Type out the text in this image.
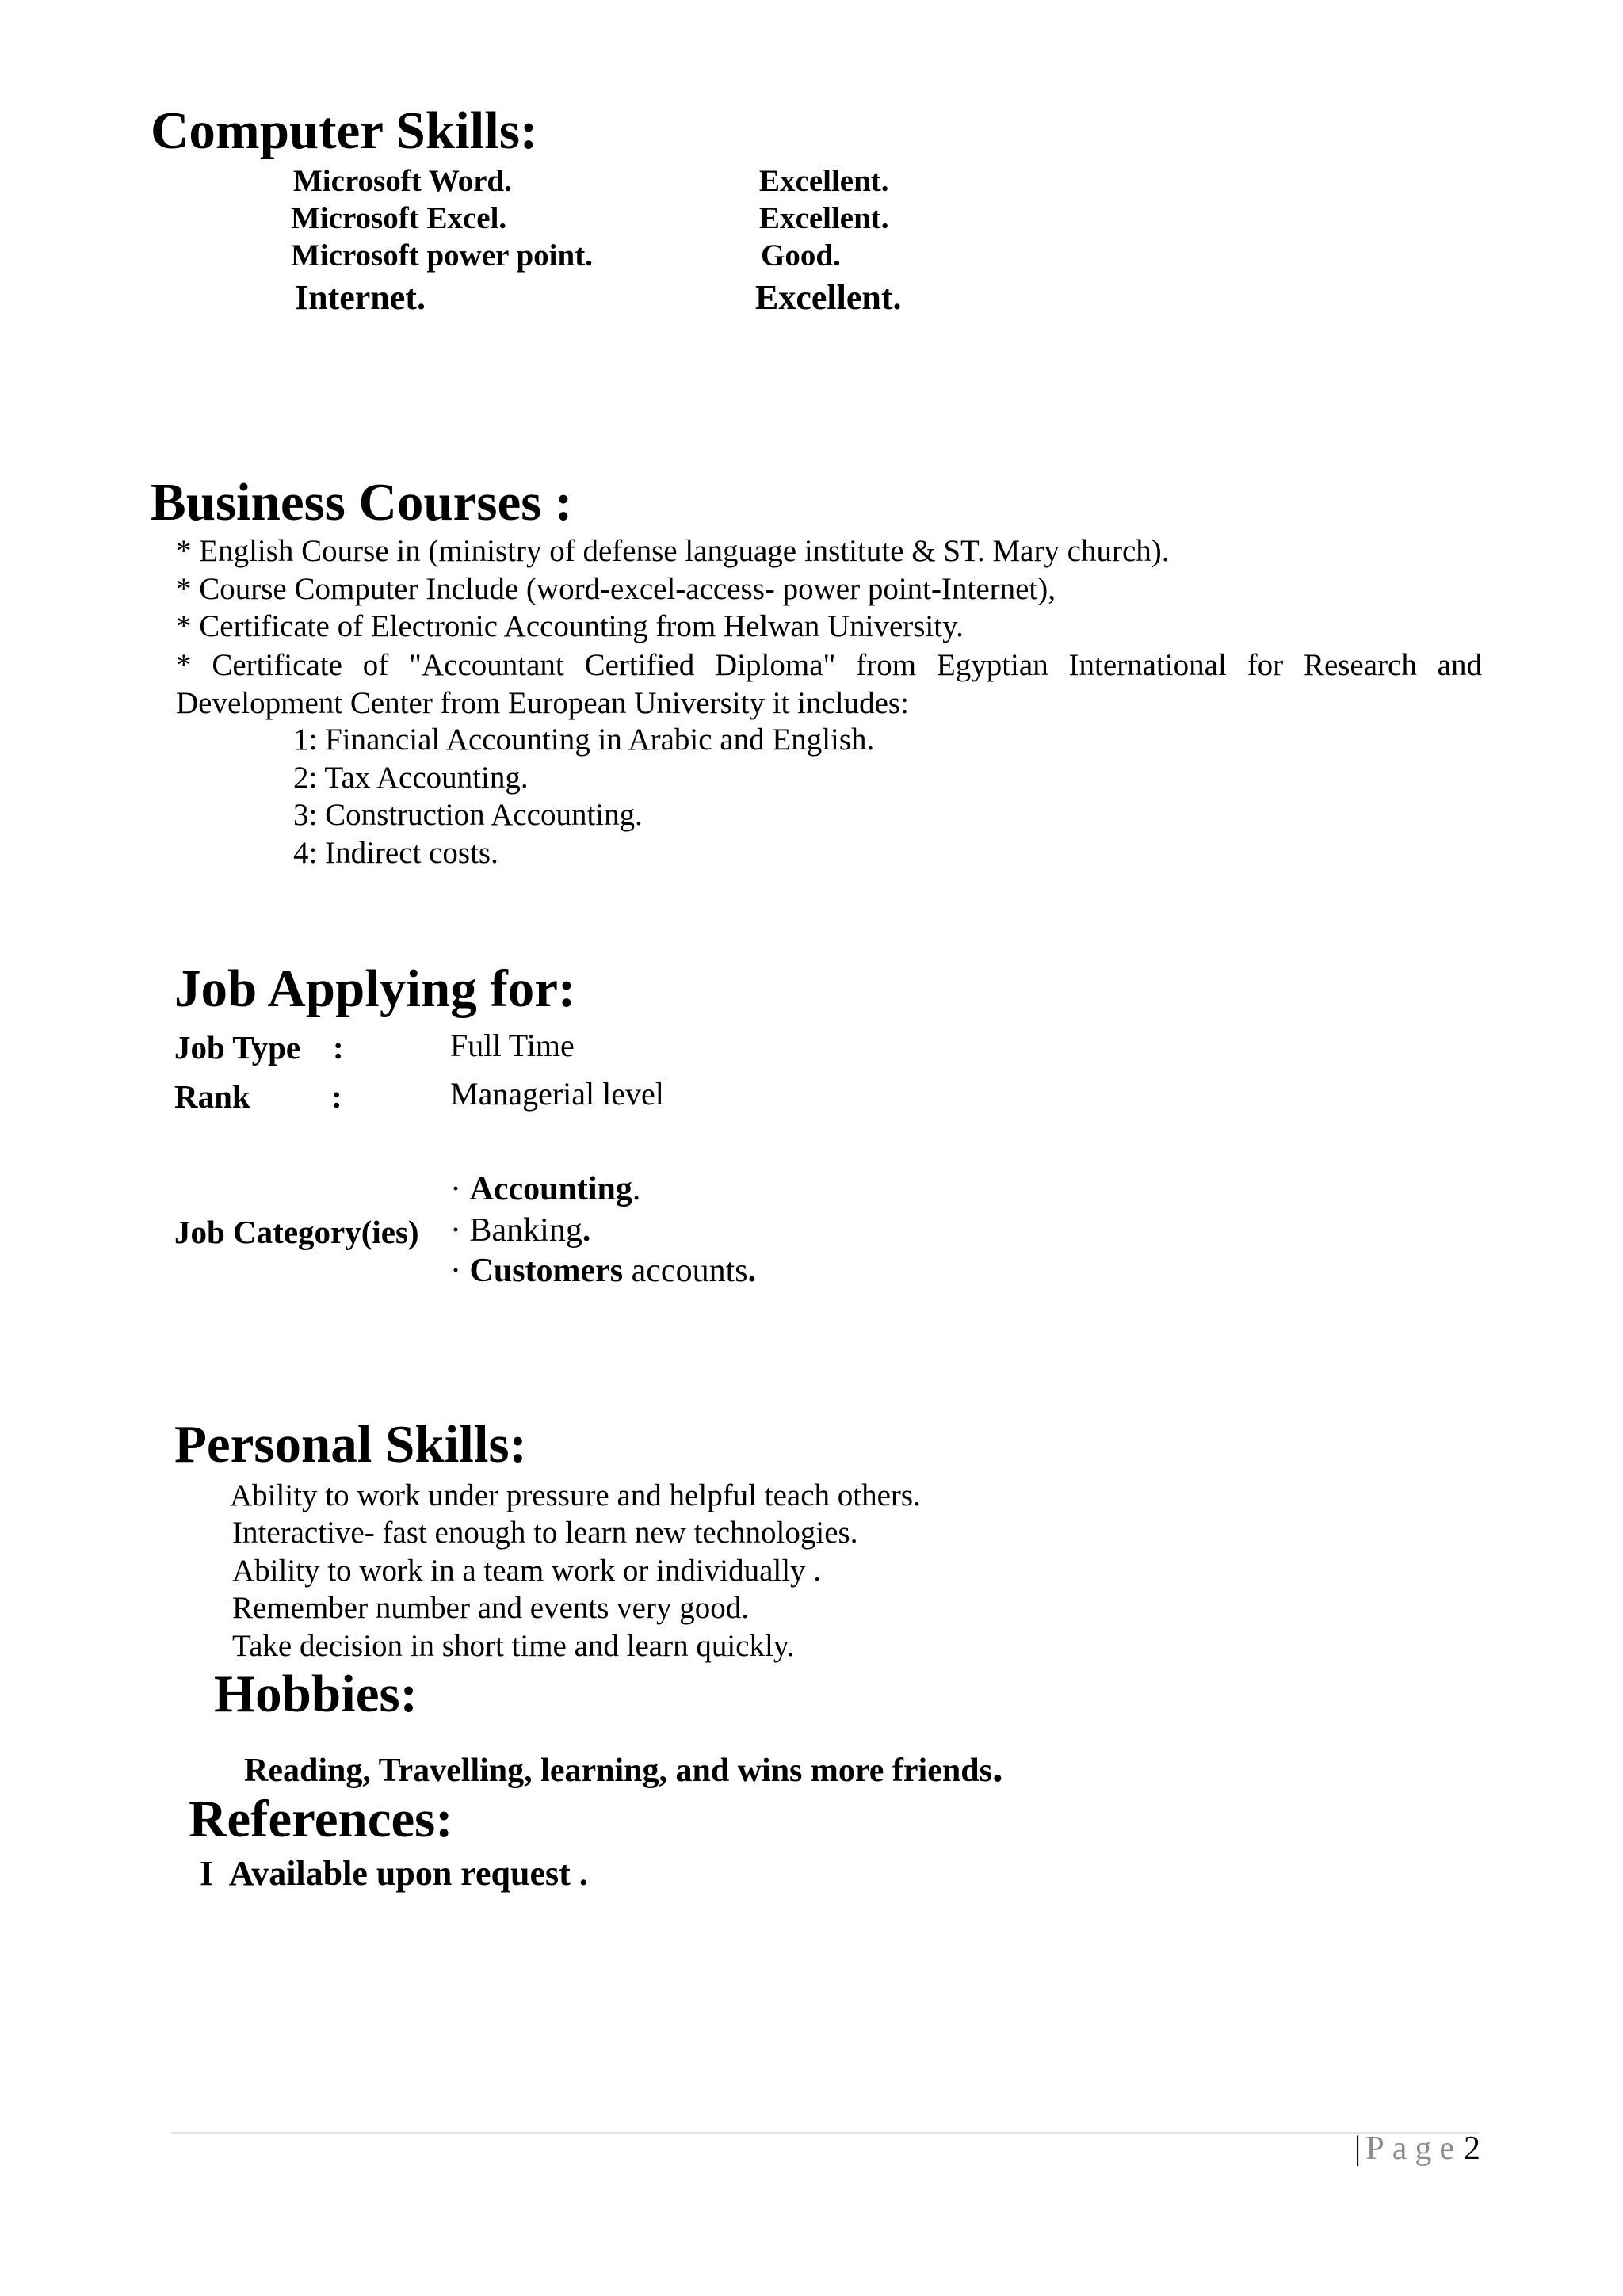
Computer Skills:
Microsoft Word.	Excellent.
Microsoft Excel.	Excellent.
Microsoft power point.	Good.
Internet.	Excellent.
Business Courses :
* English Course in (ministry of defense language institute & ST. Mary church).
* Course Computer Include (word-excel-access- power point-Internet),
* Certificate of Electronic Accounting from Helwan University.
* Certificate of "Accountant Certified Diploma" from Egyptian International for Research and Development Center from European University it includes:
1: Financial Accounting in Arabic and English.
2: Tax Accounting.
3: Construction Accounting.
4: Indirect costs.
Job Applying for:
Job Type :	Full Time
Rank :	Managerial level
· Accounting.
Job Category(ies) · Banking.
· Customers accounts.
Personal Skills:
Ability to work under pressure and helpful teach others.
Interactive- fast enough to learn new technologies.
Ability to work in a team work or individually .
Remember number and events very good.
Take decision in short time and learn quickly.
Hobbies:
Reading, Travelling, learning, and wins more friends.
References:
I  Available upon request .
| Page2
